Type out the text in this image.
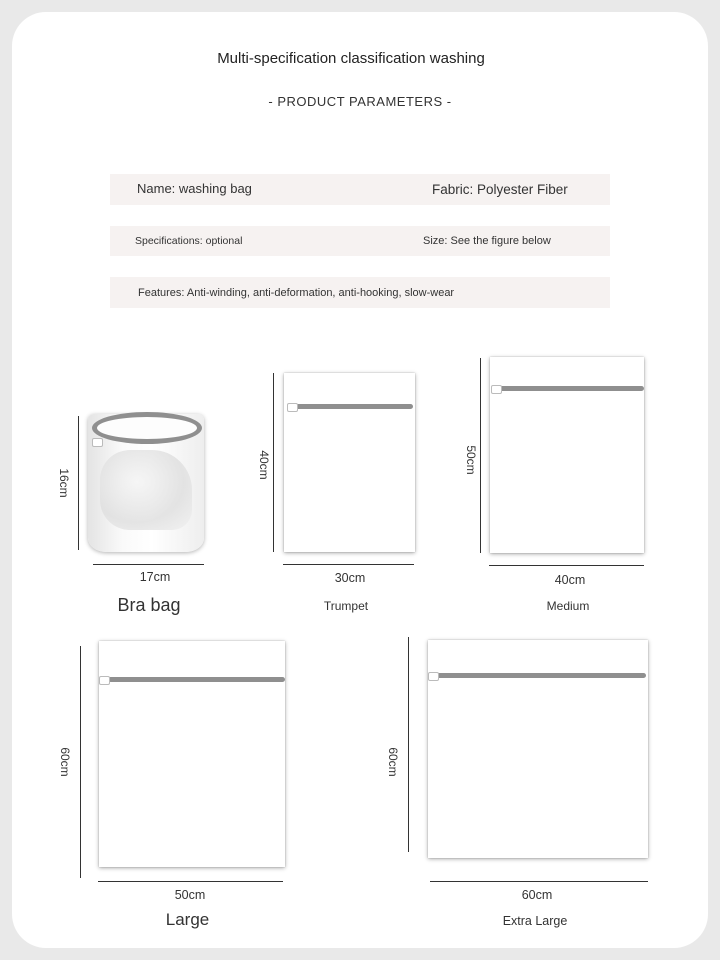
Multi-specification classification washing
- PRODUCT PARAMETERS -
Name: washing bag	Fabric: Polyester Fiber
Specifications: optional	Size: See the figure below
Features: Anti-winding, anti-deformation, anti-hooking, slow-wear
16cm
17cm
Bra bag
40cm
30cm
Trumpet
50cm
40cm
Medium
60cm
50cm
Large
60cm
60cm
Extra Large
